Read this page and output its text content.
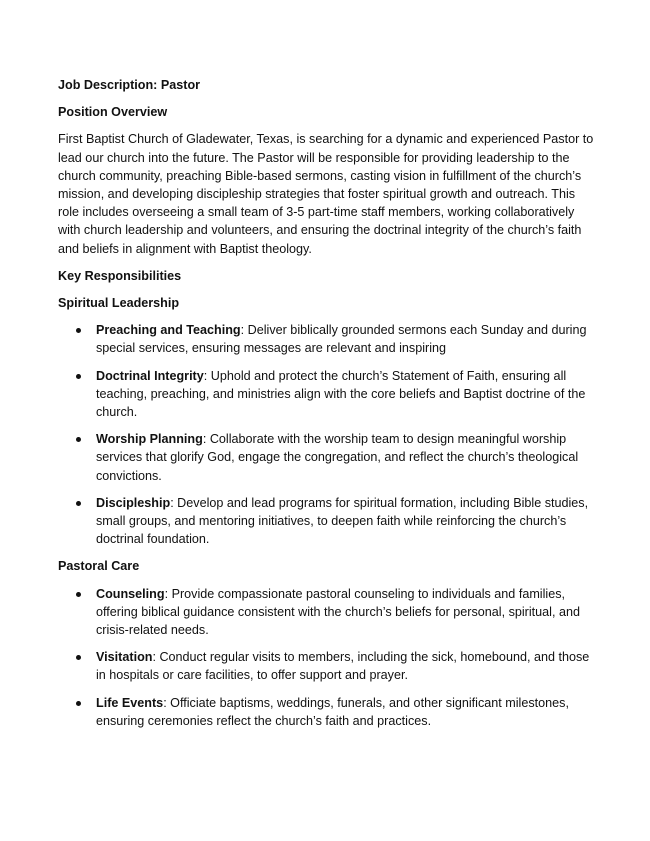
Job Description: Pastor
Position Overview

First Baptist Church of Gladewater, Texas, is searching for a dynamic and experienced Pastor to lead our church into the future. The Pastor will be responsible for providing leadership to the church community, preaching Bible-based sermons, casting vision in fulfillment of the church’s mission, and developing discipleship strategies that foster spiritual growth and outreach. This role includes overseeing a small team of 3-5 part-time staff members, working collaboratively with church leadership and volunteers, and ensuring the doctrinal integrity of the church’s faith and beliefs in alignment with Baptist theology.

Key Responsibilities
Spiritual Leadership
Preaching and Teaching: Deliver biblically grounded sermons each Sunday and during special services, ensuring messages are relevant and inspiring
Doctrinal Integrity: Uphold and protect the church’s Statement of Faith, ensuring all teaching, preaching, and ministries align with the core beliefs and Baptist doctrine of the church.
Worship Planning: Collaborate with the worship team to design meaningful worship services that glorify God, engage the congregation, and reflect the church’s theological convictions.
Discipleship: Develop and lead programs for spiritual formation, including Bible studies, small groups, and mentoring initiatives, to deepen faith while reinforcing the church’s doctrinal foundation.
Pastoral Care
Counseling: Provide compassionate pastoral counseling to individuals and families, offering biblical guidance consistent with the church’s beliefs for personal, spiritual, and crisis-related needs.
Visitation: Conduct regular visits to members, including the sick, homebound, and those in hospitals or care facilities, to offer support and prayer.
Life Events: Officiate baptisms, weddings, funerals, and other significant milestones, ensuring ceremonies reflect the church’s faith and practices.
